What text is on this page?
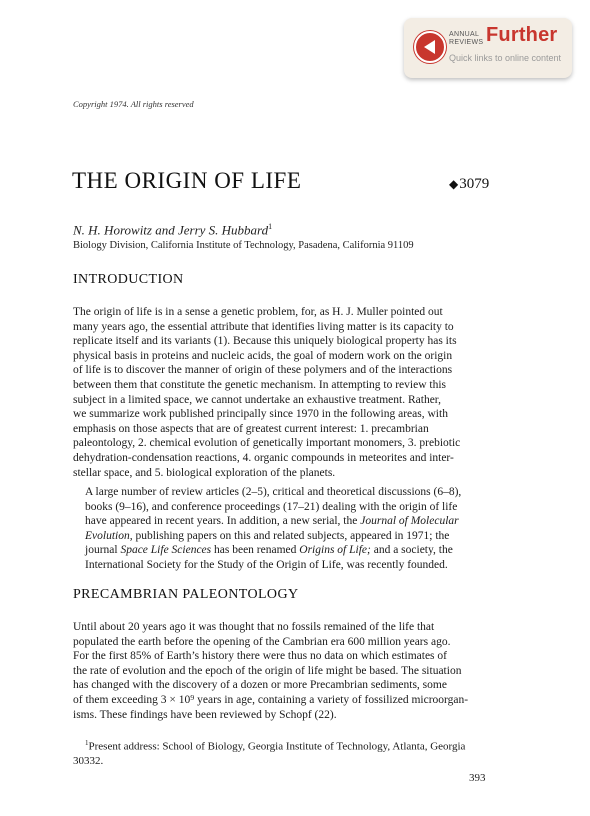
ANNUAL
REVIEWS Further
Quick links to online content
Copyright 1974. All rights reserved
THE ORIGIN OF LIFE	◆3079
N. H. Horowitz and Jerry S. Hubbard$^1$
Biology Division, California Institute of Technology, Pasadena, California 91109
INTRODUCTION
The origin of life is in a sense a genetic problem, for, as H. J. Muller pointed out
many years ago, the essential attribute that identifies living matter is its capacity to
replicate itself and its variants (1). Because this uniquely biological property has its
physical basis in proteins and nucleic acids, the goal of modern work on the origin
of life is to discover the manner of origin of these polymers and of the interactions
between them that constitute the genetic mechanism. In attempting to review this
subject in a limited space, we cannot undertake an exhaustive treatment. Rather,
we summarize work published principally since 1970 in the following areas, with
emphasis on those aspects that are of greatest current interest: 1. precambrian
paleontology, 2. chemical evolution of genetically important monomers, 3. prebiotic
dehydration-condensation reactions, 4. organic compounds in meteorites and inter-
stellar space, and 5. biological exploration of the planets.
A large number of review articles (2–5), critical and theoretical discussions (6–8),
books (9–16), and conference proceedings (17–21) dealing with the origin of life
have appeared in recent years. In addition, a new serial, the Journal of Molecular
Evolution, publishing papers on this and related subjects, appeared in 1971; the
journal Space Life Sciences has been renamed Origins of Life; and a society, the
International Society for the Study of the Origin of Life, was recently founded.
PRECAMBRIAN PALEONTOLOGY
Until about 20 years ago it was thought that no fossils remained of the life that
populated the earth before the opening of the Cambrian era 600 million years ago.
For the first 85% of Earth’s history there were thus no data on which estimates of
the rate of evolution and the epoch of the origin of life might be based. The situation
has changed with the discovery of a dozen or more Precambrian sediments, some
of them exceeding 3 × 10⁹ years in age, containing a variety of fossilized microorgan-
isms. These findings have been reviewed by Schopf (22).
$^1$Present address: School of Biology, Georgia Institute of Technology, Atlanta, Georgia
30332.
393
